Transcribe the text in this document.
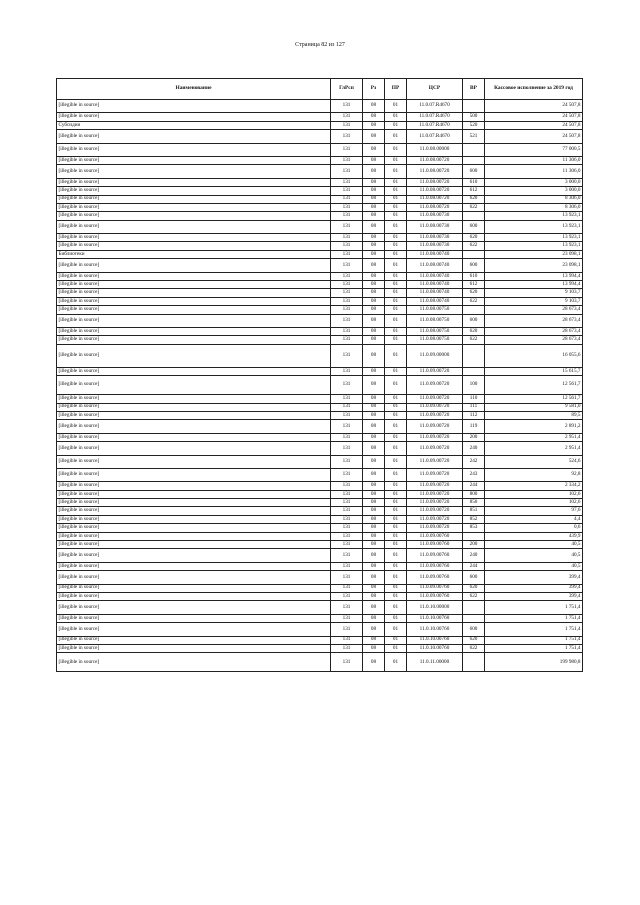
Страница 82 из 127
Наименование	ГлРсп	Рз	ПР	ЦСР	ВР	Кассовое исполнение за 2019 год
[illegible in source]	131	08	01	11.0.07.R4670		24 507,8
[illegible in source]	131	08	01	11.0.07.R4670	500	24 507,8
Субсидии	131	08	01	11.0.07.R4670	520	24 507,8
[illegible in source]	131	08	01	11.0.07.R4670	521	24 507,8
[illegible in source]	131	08	01	11.0.08.00000		77 000,5
[illegible in source]	131	08	01	11.0.08.00720		11 306,0
[illegible in source]	131	08	01	11.0.08.00720	600	11 306,0
[illegible in source]	131	08	01	11.0.08.00720	610	3 000,0
[illegible in source]	131	08	01	11.0.08.00720	612	3 000,0
[illegible in source]	131	08	01	11.0.08.00720	620	8 306,0
[illegible in source]	131	08	01	11.0.08.00720	622	8 306,0
[illegible in source]	131	08	01	11.0.08.00730		13 923,1
[illegible in source]	131	08	01	11.0.08.00730	600	13 923,1
[illegible in source]	131	08	01	11.0.08.00730	620	13 923,1
[illegible in source]	131	08	01	11.0.08.00730	622	13 923,1
Библиотеки	131	08	01	11.0.08.00740		23 098,1
[illegible in source]	131	08	01	11.0.08.00740	600	23 098,1
[illegible in source]	131	08	01	11.0.08.00740	610	13 994,4
[illegible in source]	131	08	01	11.0.08.00740	612	13 994,4
[illegible in source]	131	08	01	11.0.08.00740	620	9 103,7
[illegible in source]	131	08	01	11.0.08.00740	622	9 103,7
[illegible in source]	131	08	01	11.0.08.00750		28 673,4
[illegible in source]	131	08	01	11.0.08.00750	600	28 673,4
[illegible in source]	131	08	01	11.0.08.00750	620	28 673,4
[illegible in source]	131	08	01	11.0.08.00750	622	28 673,4
[illegible in source]	131	08	01	11.0.09.00000		16 055,6
[illegible in source]	131	08	01	11.0.09.00720		15 615,7
[illegible in source]	131	08	01	11.0.09.00720	100	12 561,7
[illegible in source]	131	08	01	11.0.09.00720	110	12 561,7
[illegible in source]	131	08	01	11.0.09.00720	111	9 581,0
[illegible in source]	131	08	01	11.0.09.00720	112	89,5
[illegible in source]	131	08	01	11.0.09.00720	119	2 891,2
[illegible in source]	131	08	01	11.0.09.00720	200	2 951,4
[illegible in source]	131	08	01	11.0.09.00720	240	2 951,4
[illegible in source]	131	08	01	11.0.09.00720	242	524,6
[illegible in source]	131	08	01	11.0.09.00720	243	92,8
[illegible in source]	131	08	01	11.0.09.00720	244	2 334,2
[illegible in source]	131	08	01	11.0.09.00720	800	102,6
[illegible in source]	131	08	01	11.0.09.00720	850	102,6
[illegible in source]	131	08	01	11.0.09.00720	851	97,6
[illegible in source]	131	08	01	11.0.09.00720	852	4,4
[illegible in source]	131	08	01	11.0.09.00720	853	0,6
[illegible in source]	131	08	01	11.0.09.00760		439,9
[illegible in source]	131	08	01	11.0.09.00760	200	40,5
[illegible in source]	131	08	01	11.0.09.00760	240	40,5
[illegible in source]	131	08	01	11.0.09.00760	244	40,5
[illegible in source]	131	08	01	11.0.09.00760	600	399,4
[illegible in source]	131	08	01	11.0.09.00760	620	399,4
[illegible in source]	131	08	01	11.0.09.00760	622	399,4
[illegible in source]	131	08	01	11.0.10.00000		1 751,4
[illegible in source]	131	08	01	11.0.10.00760		1 751,4
[illegible in source]	131	08	01	11.0.10.00760	600	1 751,4
[illegible in source]	131	08	01	11.0.10.00760	620	1 751,4
[illegible in source]	131	08	01	11.0.10.00760	622	1 751,4
[illegible in source]	131	08	01	11.0.11.00000		199 980,8
